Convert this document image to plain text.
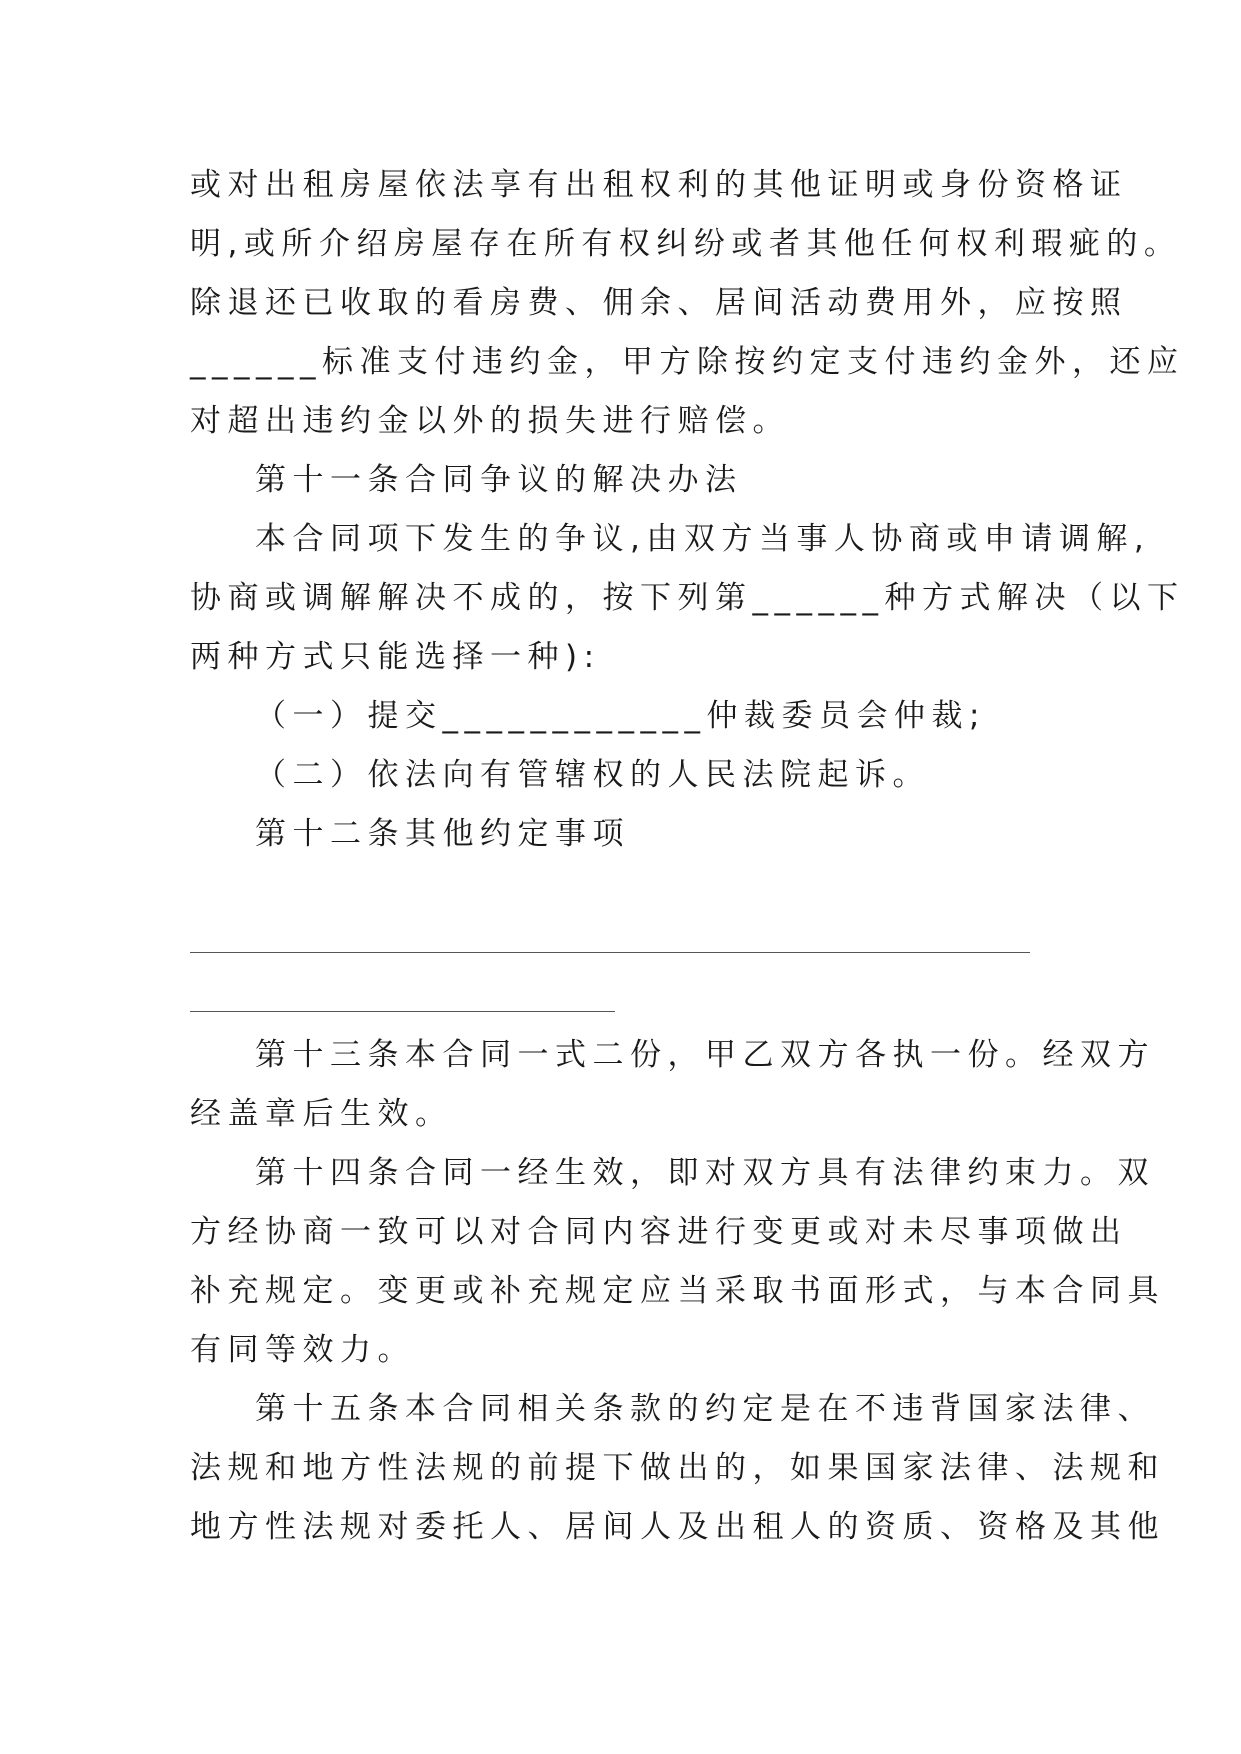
或对出租房屋依法享有出租权利的其他证明或身份资格证
明,或所介绍房屋存在所有权纠纷或者其他任何权利瑕疵的。
除退还已收取的看房费、佣余、居间活动费用外，应按照
______标准支付违约金，甲方除按约定支付违约金外，还应
对超出违约金以外的损失进行赔偿。
第十一条合同争议的解决办法
本合同项下发生的争议,由双方当事人协商或申请调解,
协商或调解解决不成的，按下列第______种方式解决（以下
两种方式只能选择一种):
（一）提交____________仲裁委员会仲裁;
（二）依法向有管辖权的人民法院起诉。
第十二条其他约定事项
第十三条本合同一式二份，甲乙双方各执一份。经双方
经盖章后生效。
第十四条合同一经生效，即对双方具有法律约束力。双
方经协商一致可以对合同内容进行变更或对未尽事项做出
补充规定。变更或补充规定应当采取书面形式，与本合同具
有同等效力。
第十五条本合同相关条款的约定是在不违背国家法律、
法规和地方性法规的前提下做出的，如果国家法律、法规和
地方性法规对委托人、居间人及出租人的资质、资格及其他
